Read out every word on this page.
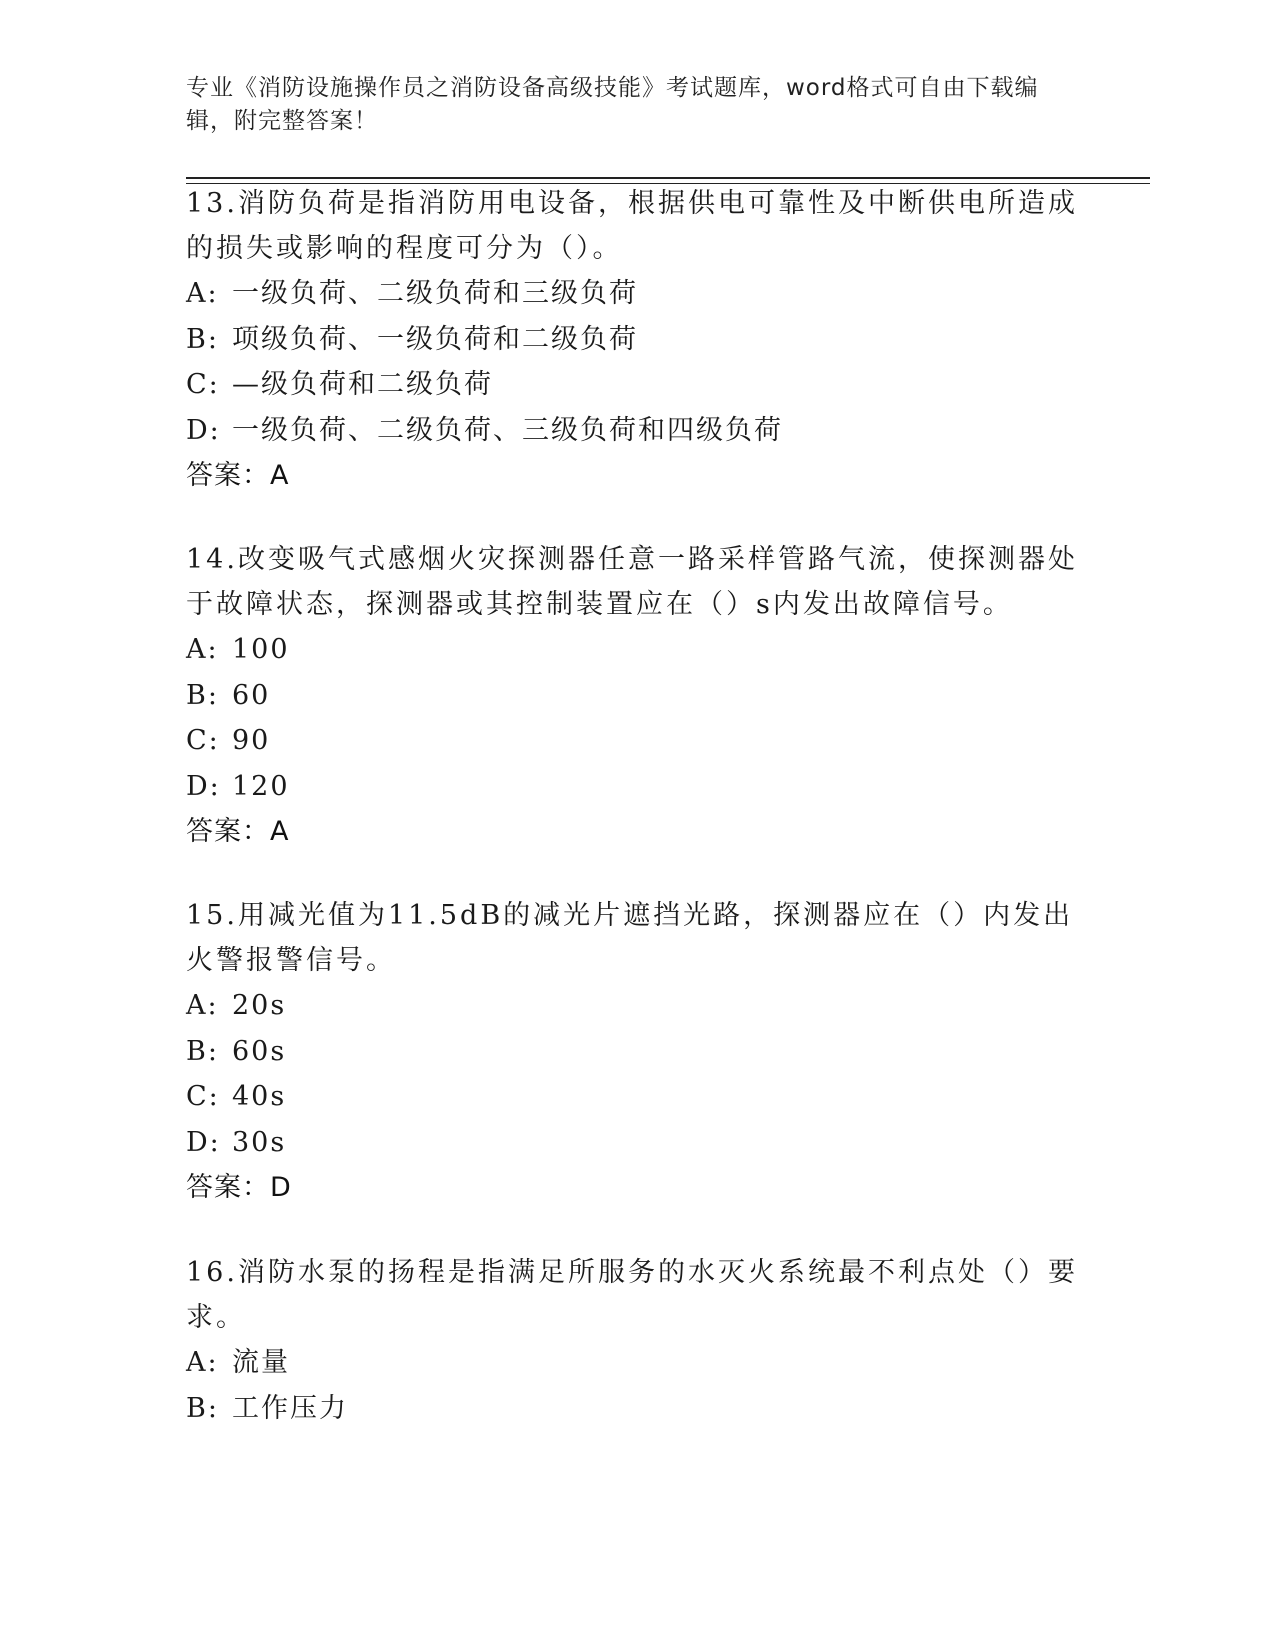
专业《消防设施操作员之消防设备高级技能》考试题库，word格式可自由下载编辑，附完整答案！

13.消防负荷是指消防用电设备，根据供电可靠性及中断供电所造成的损失或影响的程度可分为（）。

A: 一级负荷、二级负荷和三级负荷

B: 项级负荷、一级负荷和二级负荷

C: —级负荷和二级负荷

D: 一级负荷、二级负荷、三级负荷和四级负荷

答案：A

14.改变吸气式感烟火灾探测器任意一路采样管路气流，使探测器处于故障状态，探测器或其控制装置应在（）s内发出故障信号。

A: 100

B: 60

C: 90

D: 120

答案：A

15.用减光值为11.5dB的减光片遮挡光路，探测器应在（）内发出火警报警信号。

A: 20s

B: 60s

C: 40s

D: 30s

答案：D

16.消防水泵的扬程是指满足所服务的水灭火系统最不利点处（）要求。

A: 流量

B: 工作压力
